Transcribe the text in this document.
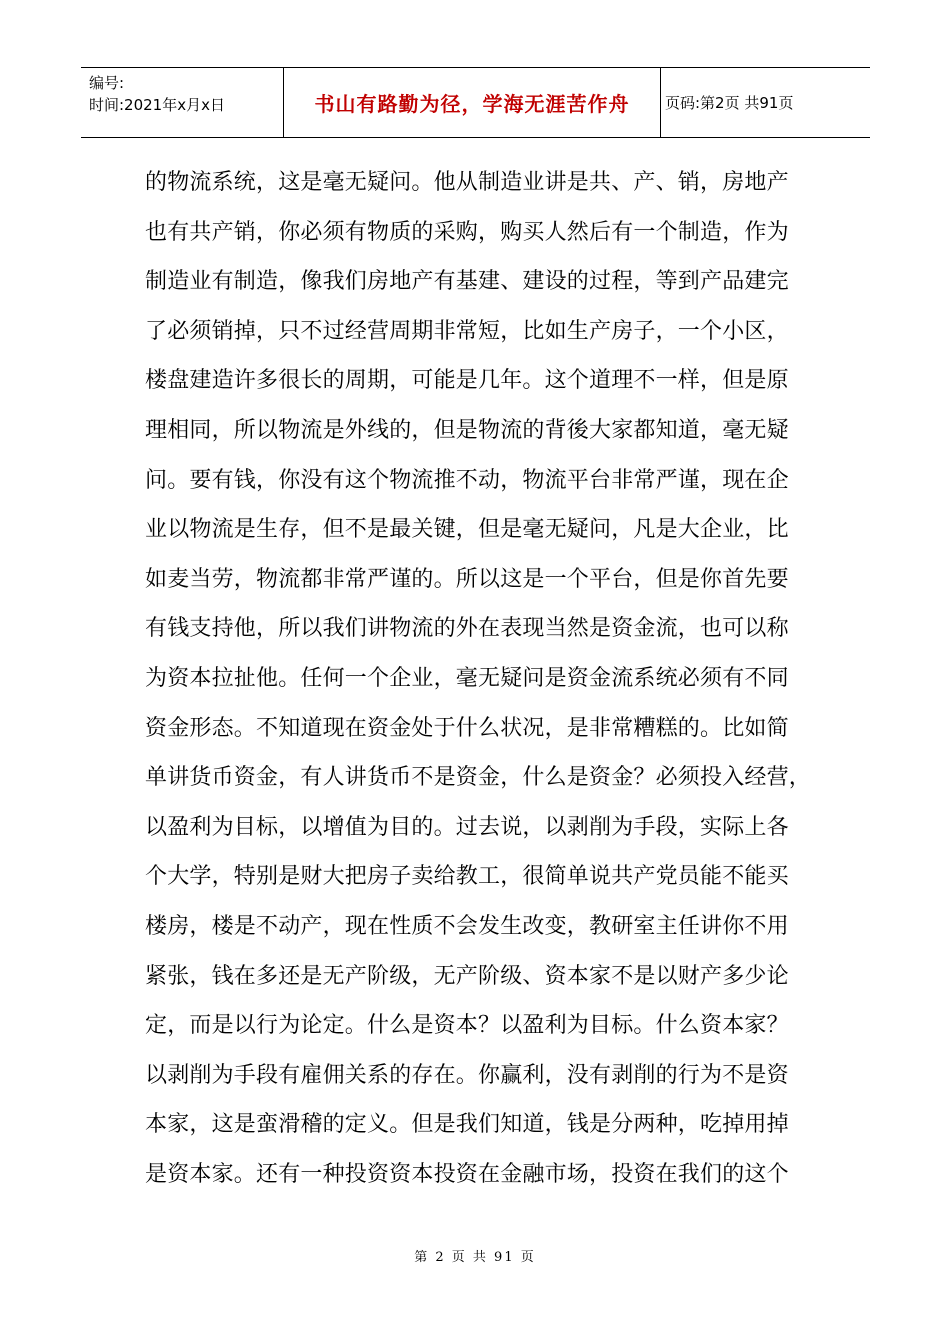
编号:
时间:2021年x月x日	书山有路勤为径，学海无涯苦作舟 页码:第2页 共91页
的物流系统，这是毫无疑问。他从制造业讲是共、产、销，房地产
也有共产销，你必须有物质的采购，购买人然后有一个制造，作为
制造业有制造，像我们房地产有基建、建设的过程，等到产品建完
了必须销掉，只不过经营周期非常短，比如生产房子，一个小区，
楼盘建造许多很长的周期，可能是几年。这个道理不一样，但是原
理相同，所以物流是外线的，但是物流的背後大家都知道，毫无疑
问。要有钱，你没有这个物流推不动，物流平台非常严谨，现在企
业以物流是生存，但不是最关键，但是毫无疑问，凡是大企业，比
如麦当劳，物流都非常严谨的。所以这是一个平台，但是你首先要
有钱支持他，所以我们讲物流的外在表现当然是资金流，也可以称
为资本拉扯他。任何一个企业，毫无疑问是资金流系统必须有不同
资金形态。不知道现在资金处于什么状况，是非常糟糕的。比如简
单讲货币资金，有人讲货币不是资金，什么是资金？必须投入经营，
以盈利为目标，以增值为目的。过去说，以剥削为手段，实际上各
个大学，特别是财大把房子卖给教工，很简单说共产党员能不能买
楼房，楼是不动产，现在性质不会发生改变，教研室主任讲你不用
紧张，钱在多还是无产阶级，无产阶级、资本家不是以财产多少论
定，而是以行为论定。什么是资本？以盈利为目标。什么资本家？
以剥削为手段有雇佣关系的存在。你赢利，没有剥削的行为不是资
本家，这是蛮滑稽的定义。但是我们知道，钱是分两种，吃掉用掉
是资本家。还有一种投资资本投资在金融市场，投资在我们的这个
第 2 页 共 91 页
